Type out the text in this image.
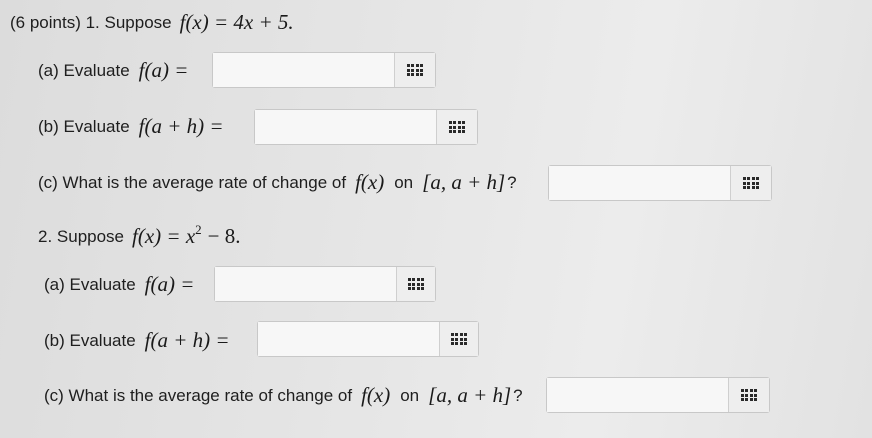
(6 points) 1. Suppose f(x) = 4x + 5.
(a) Evaluate f(a) =
(b) Evaluate f(a + h) =
(c) What is the average rate of change of f(x) on [a, a + h] ?
2. Suppose $f(x) = x^2 - 8$.
(a) Evaluate f(a) =
(b) Evaluate f(a + h) =
(c) What is the average rate of change of f(x) on [a, a + h] ?
